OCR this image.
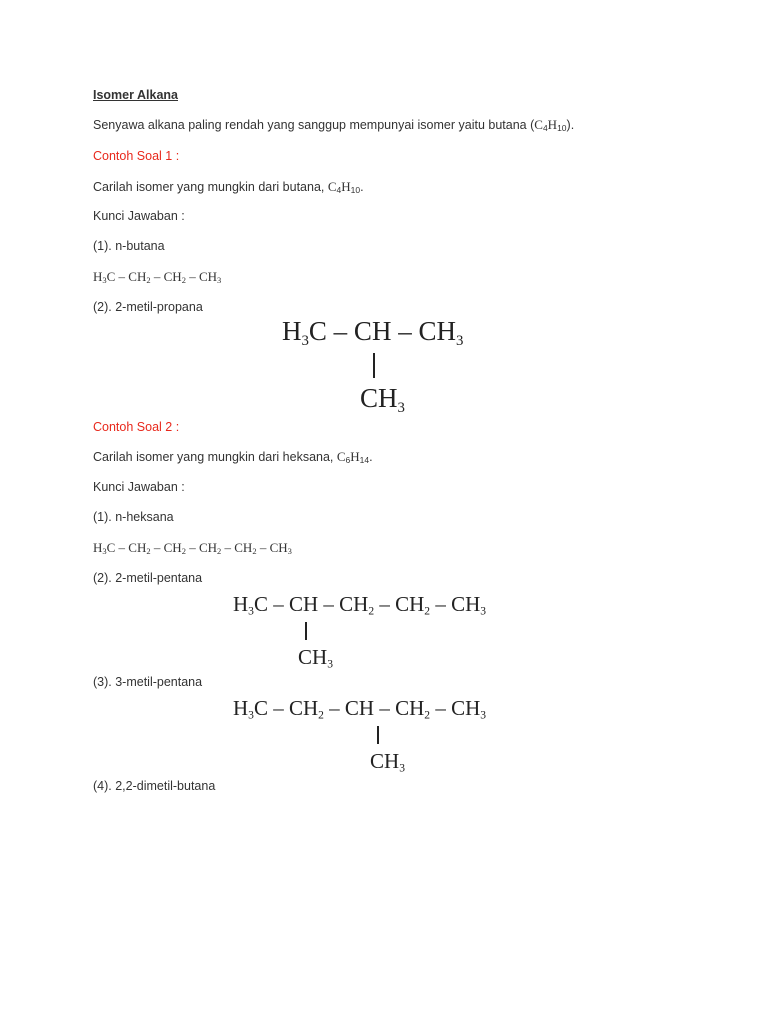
Isomer Alkana
Senyawa alkana paling rendah yang sanggup mempunyai isomer yaitu butana $(C_4H_{10})$.
Contoh Soal 1 :
Carilah isomer yang mungkin dari butana, $C_4H_{10}$.
Kunci Jawaban :
(1). n-butana
$H_3C - CH_2 - CH_2 - CH_3$
(2). 2-metil-propana
$H_3C$ – CH – $CH_3$
$CH_3$
Contoh Soal 2 :
Carilah isomer yang mungkin dari heksana, $C_6H_{14}$.
Kunci Jawaban :
(1). n-heksana
$H_3C - CH_2 - CH_2 - CH_2 - CH_2 - CH_3$
(2). 2-metil-pentana
$H_3C$ – CH – $CH_2 - CH_2 - CH_3$
$CH_3$
(3). 3-metil-pentana
$H_3C - CH_2$ – CH – $CH_2 - CH_3$
$CH_3$
(4). 2,2-dimetil-butana
